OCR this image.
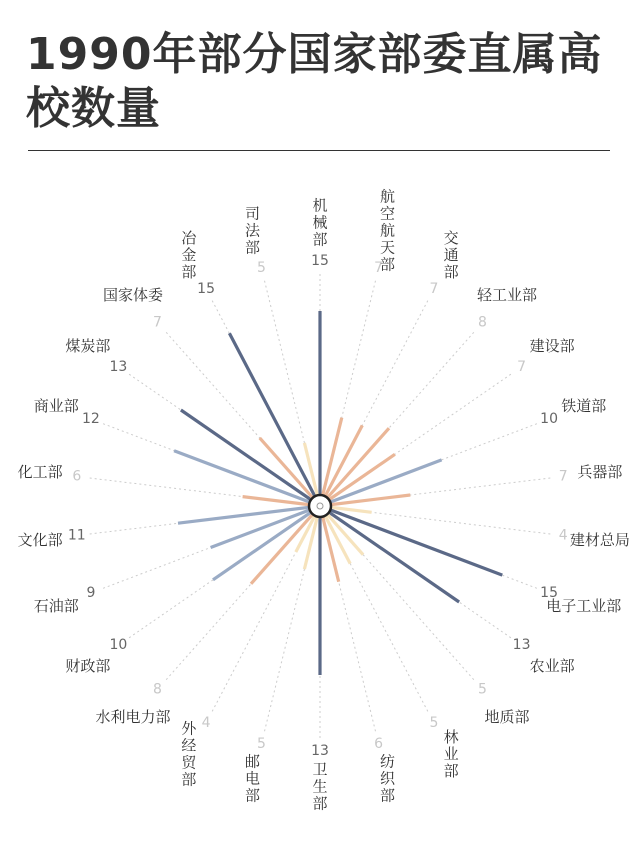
1990年部分国家部委直属高校数量
15
机械部
7
航空航天部
7
交通部
8
轻工业部
7
建设部
10
铁道部
7 兵器部
4 建材总局
15
电子工业部
13
农业部
5
地质部
5
林业部
6
纺织部
13
卫生部
5
邮电部
4
外经贸部
8
水利电力部
10
财政部
9
石油部
11
文化部
6
化工部
12
商业部
13
煤炭部
7
国家体委 15
冶金部	5
司法部
